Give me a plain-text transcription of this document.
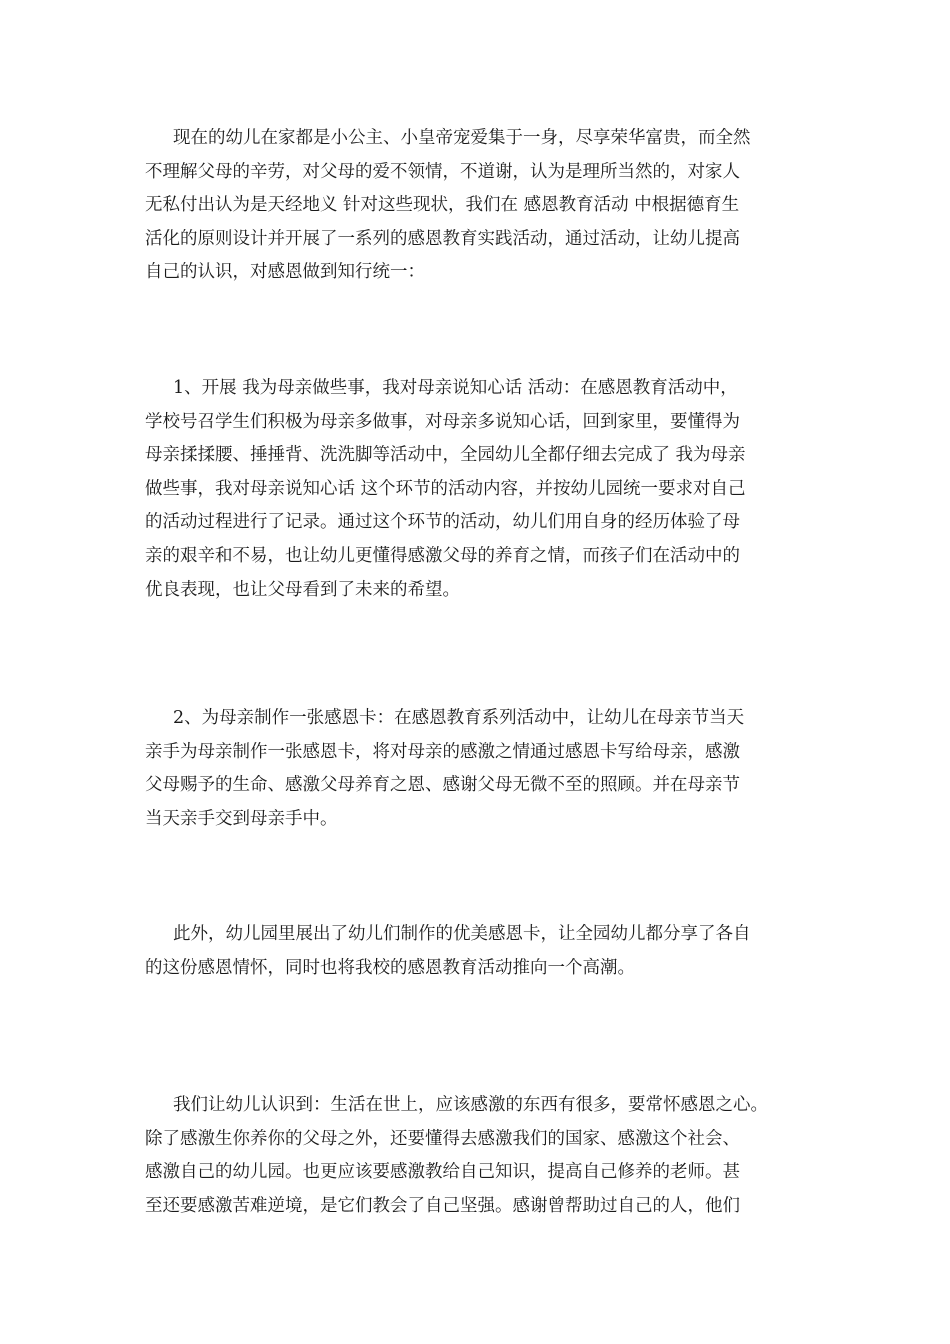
现在的幼儿在家都是小公主、小皇帝宠爱集于一身，尽享荣华富贵，而全然
不理解父母的辛劳，对父母的爱不领情，不道谢，认为是理所当然的，对家人
无私付出认为是天经地义 针对这些现状，我们在 感恩教育活动 中根据德育生
活化的原则设计并开展了一系列的感恩教育实践活动，通过活动，让幼儿提高
自己的认识，对感恩做到知行统一：
1、开展 我为母亲做些事，我对母亲说知心话 活动：在感恩教育活动中，
学校号召学生们积极为母亲多做事，对母亲多说知心话，回到家里，要懂得为
母亲揉揉腰、捶捶背、洗洗脚等活动中，全园幼儿全都仔细去完成了 我为母亲
做些事，我对母亲说知心话 这个环节的活动内容，并按幼儿园统一要求对自己
的活动过程进行了记录。通过这个环节的活动，幼儿们用自身的经历体验了母
亲的艰辛和不易，也让幼儿更懂得感激父母的养育之情，而孩子们在活动中的
优良表现，也让父母看到了未来的希望。
2、为母亲制作一张感恩卡：在感恩教育系列活动中，让幼儿在母亲节当天
亲手为母亲制作一张感恩卡，将对母亲的感激之情通过感恩卡写给母亲，感激
父母赐予的生命、感激父母养育之恩、感谢父母无微不至的照顾。并在母亲节
当天亲手交到母亲手中。
此外，幼儿园里展出了幼儿们制作的优美感恩卡，让全园幼儿都分享了各自
的这份感恩情怀，同时也将我校的感恩教育活动推向一个高潮。
我们让幼儿认识到：生活在世上，应该感激的东西有很多，要常怀感恩之心。
除了感激生你养你的父母之外，还要懂得去感激我们的国家、感激这个社会、
感激自己的幼儿园。也更应该要感激教给自己知识，提高自己修养的老师。甚
至还要感激苦难逆境，是它们教会了自己坚强。感谢曾帮助过自己的人，他们
